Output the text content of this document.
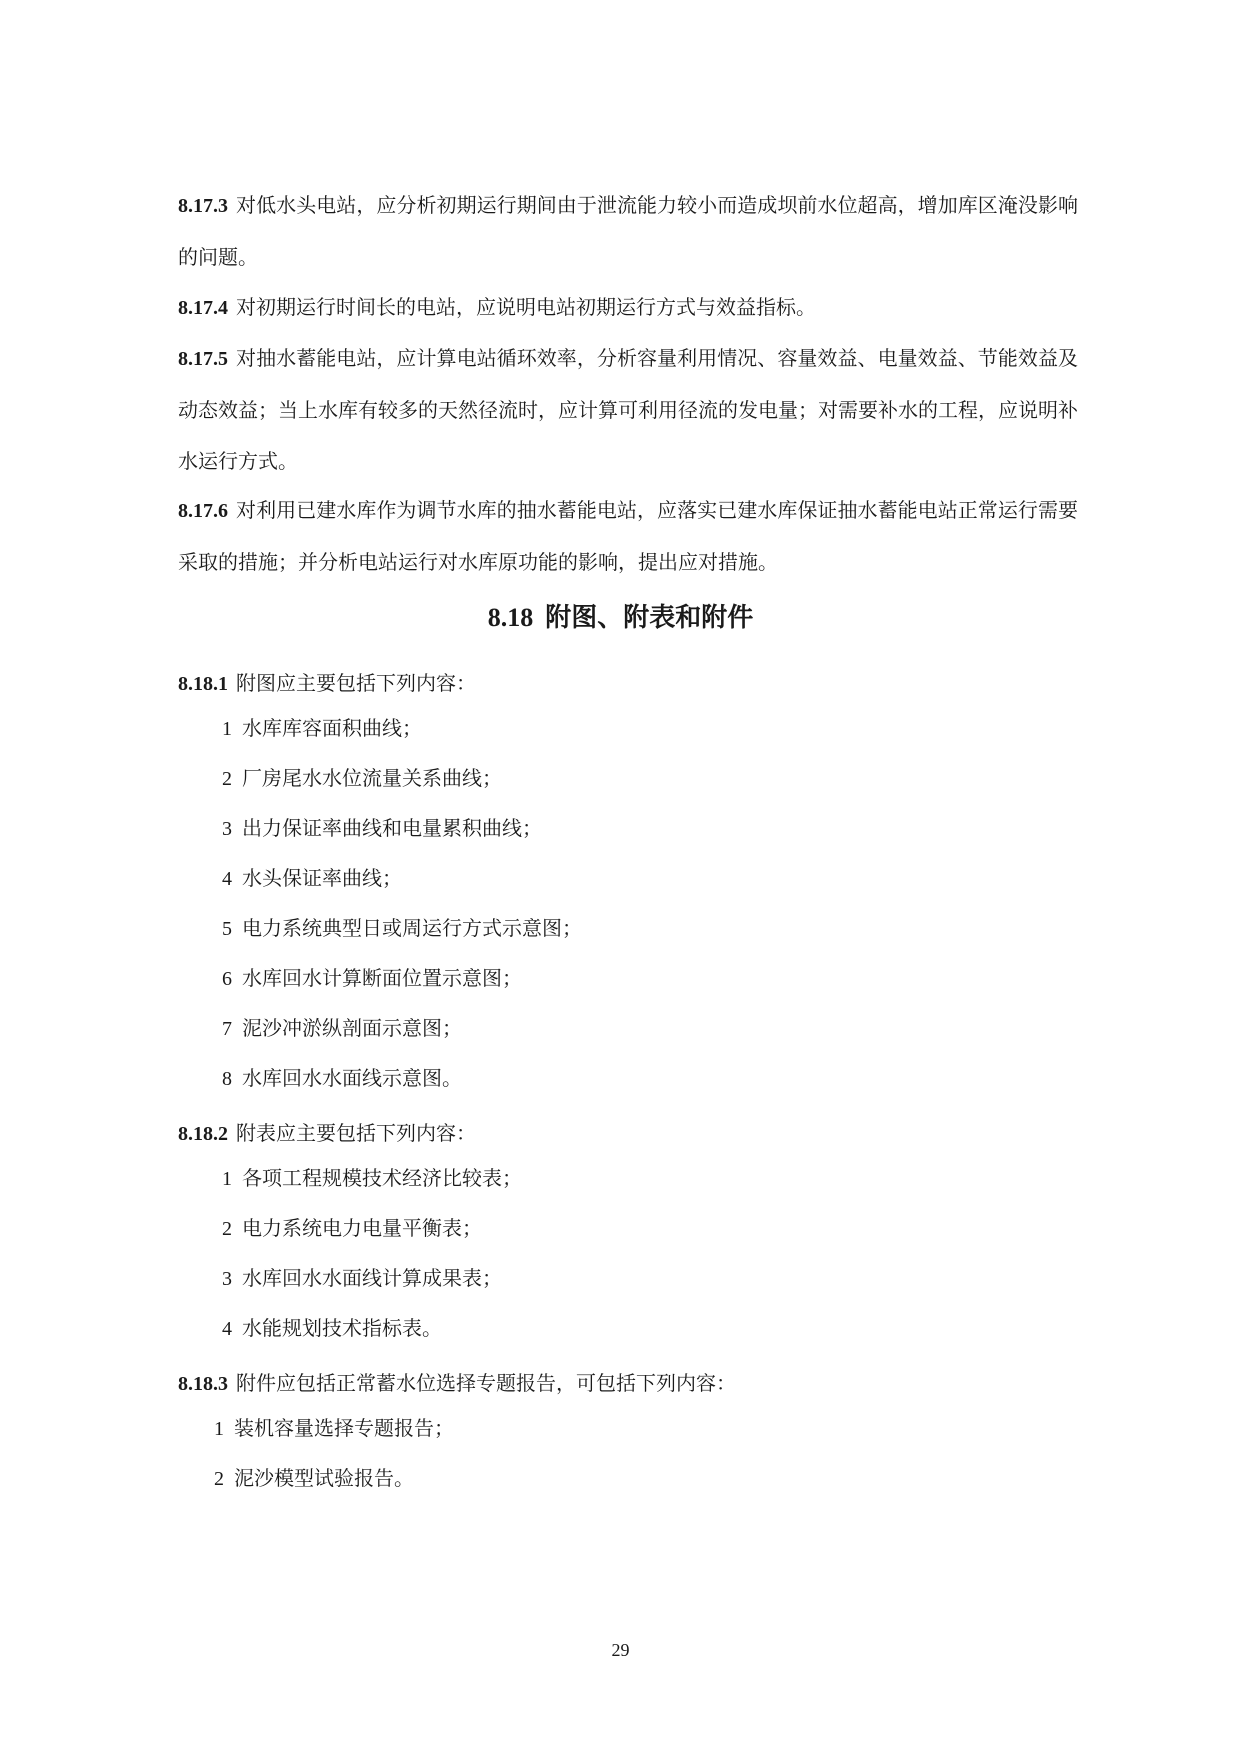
8.17.3 对低水头电站，应分析初期运行期间由于泄流能力较小而造成坝前水位超高，增加库区淹没影响的问题。
8.17.4 对初期运行时间长的电站，应说明电站初期运行方式与效益指标。
8.17.5 对抽水蓄能电站，应计算电站循环效率，分析容量利用情况、容量效益、电量效益、节能效益及动态效益；当上水库有较多的天然径流时，应计算可利用径流的发电量；对需要补水的工程，应说明补水运行方式。
8.17.6 对利用已建水库作为调节水库的抽水蓄能电站，应落实已建水库保证抽水蓄能电站正常运行需要采取的措施；并分析电站运行对水库原功能的影响，提出应对措施。
8.18 附图、附表和附件
8.18.1 附图应主要包括下列内容：
1 水库库容面积曲线；
2 厂房尾水水位流量关系曲线；
3 出力保证率曲线和电量累积曲线；
4 水头保证率曲线；
5 电力系统典型日或周运行方式示意图；
6 水库回水计算断面位置示意图；
7 泥沙冲淤纵剖面示意图；
8 水库回水水面线示意图。
8.18.2 附表应主要包括下列内容：
1 各项工程规模技术经济比较表；
2 电力系统电力电量平衡表；
3 水库回水水面线计算成果表；
4 水能规划技术指标表。
8.18.3 附件应包括正常蓄水位选择专题报告，可包括下列内容：
1 装机容量选择专题报告；
2 泥沙模型试验报告。
29
